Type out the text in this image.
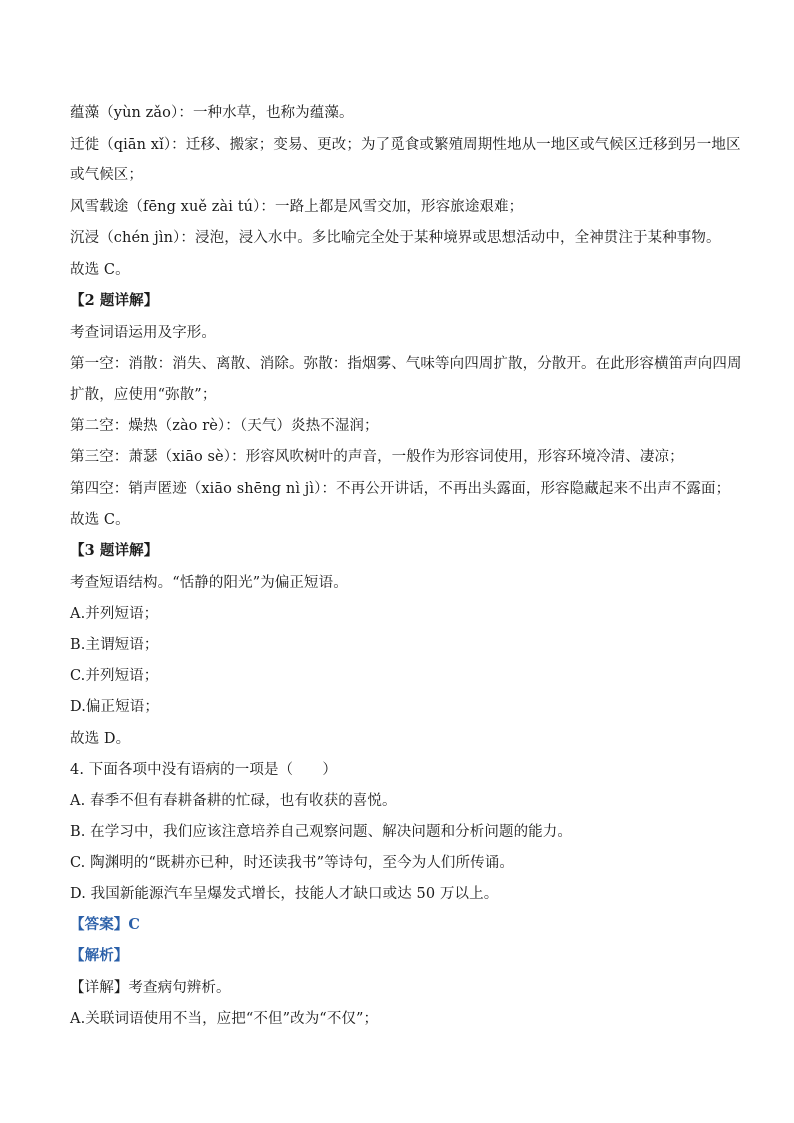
蕴藻（yùn zǎo）：一种水草，也称为蕴藻。
迁徙（qiān xǐ）：迁移、搬家；变易、更改；为了觅食或繁殖周期性地从一地区或气候区迁移到另一地区
或气候区；
风雪载途（fēng xuě zài tú）：一路上都是风雪交加，形容旅途艰难；
沉浸（chén jìn）：浸泡，浸入水中。多比喻完全处于某种境界或思想活动中，全神贯注于某种事物。
故选 C。
【2 题详解】
考查词语运用及字形。
第一空：消散：消失、离散、消除。弥散：指烟雾、气味等向四周扩散，分散开。在此形容横笛声向四周
扩散，应使用“弥散”；
第二空：燥热（zào rè）：（天气）炎热不湿润；
第三空：萧瑟（xiāo sè）：形容风吹树叶的声音，一般作为形容词使用，形容环境冷清、凄凉；
第四空：销声匿迹（xiāo shēng nì jì）：不再公开讲话，不再出头露面，形容隐藏起来不出声不露面；
故选 C。
【3 题详解】
考查短语结构。“恬静的阳光”为偏正短语。
A.并列短语；
B.主谓短语；
C.并列短语；
D.偏正短语；
故选 D。
4. 下面各项中没有语病的一项是（　　）
A. 春季不但有春耕备耕的忙碌，也有收获的喜悦。
B. 在学习中，我们应该注意培养自己观察问题、解决问题和分析问题的能力。
C. 陶渊明的“既耕亦已种，时还读我书”等诗句，至今为人们所传诵。
D. 我国新能源汽车呈爆发式增长，技能人才缺口或达 50 万以上。
【答案】C
【解析】
【详解】考查病句辨析。
A.关联词语使用不当，应把“不但”改为“不仅”；
